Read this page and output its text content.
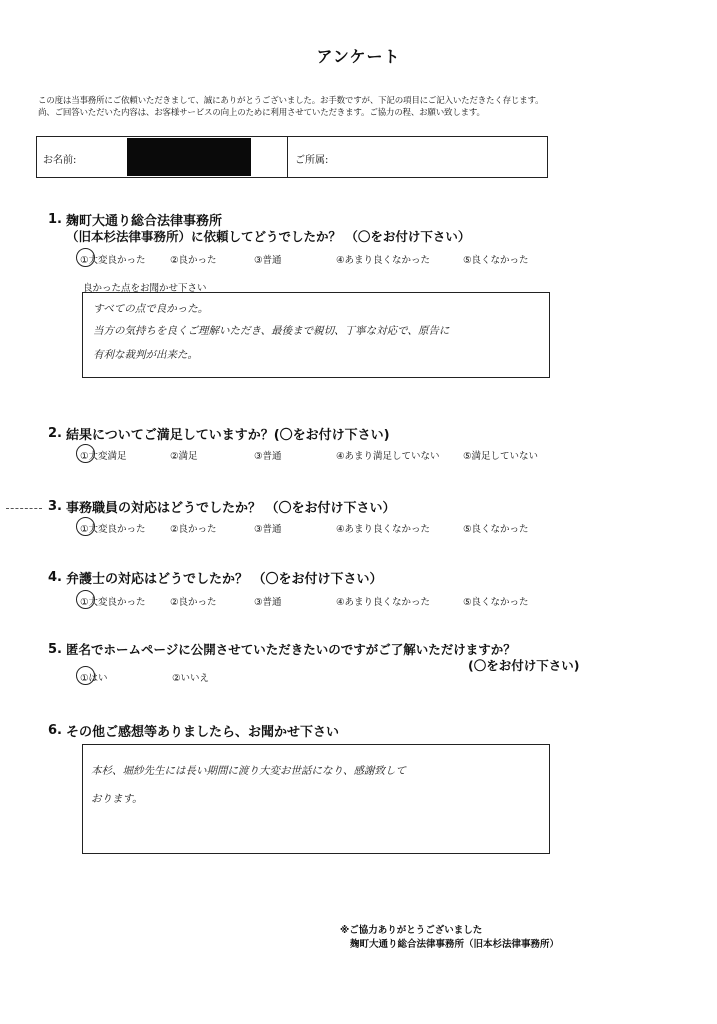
アンケート
この度は当事務所にご依頼いただきまして、誠にありがとうございました。お手数ですが、下記の項目にご記入いただきたく存じます。
尚、ご回答いただいた内容は、お客様サービスの向上のために利用させていただきます。ご協力の程、お願い致します。
お名前:	ご所属:
1. 麹町大通り総合法律事務所
（旧本杉法律事務所）に依頼してどうでしたか？ （〇をお付け下さい）
①大変良かった	②良かった	③普通	④あまり良くなかった	⑤良くなかった
良かった点をお聞かせ下さい
すべての点で良かった。
当方の気持ちを良くご理解いただき、最後まで親切、丁寧な対応で、原告に
有利な裁判が出来た。
2. 結果についてご満足していますか？(〇をお付け下さい)
①大変満足	②満足	③普通	④あまり満足していない ⑤満足していない
3. 事務職員の対応はどうでしたか？ （〇をお付け下さい）
①大変良かった	②良かった	③普通	④あまり良くなかった	⑤良くなかった
4. 弁護士の対応はどうでしたか？ （〇をお付け下さい）
①大変良かった	②良かった	③普通	④あまり良くなかった	⑤良くなかった
5. 匿名でホームページに公開させていただきたいのですがご了解いただけますか？
(〇をお付け下さい)
①はい	②いいえ
6. その他ご感想等ありましたら、お聞かせ下さい
本杉、堀紗先生には長い期間に渡り大変お世話になり、感謝致して
おります。
※ご協力ありがとうございました
麹町大通り総合法律事務所（旧本杉法律事務所）
